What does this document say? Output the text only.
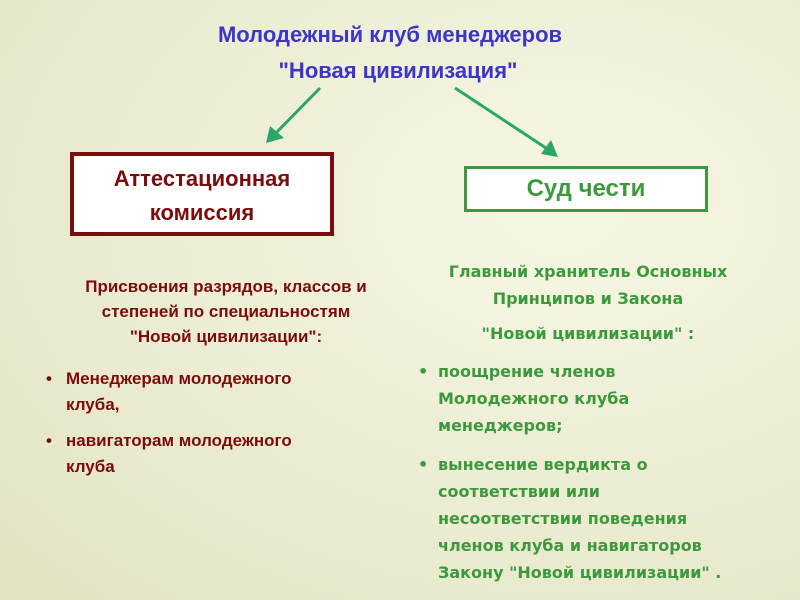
Молодежный клуб менеджеров
"Новая цивилизация"
Аттестационная
комиссия
Суд чести
Присвоения разрядов, классов и
степеней по специальностям
"Новой цивилизации":
• Менеджерам молодежного
клуба,
• навигаторам молодежного
клуба
Главный хранитель Основных
Принципов и Закона
"Новой цивилизации" :
• поощрение членов
Молодежного клуба
менеджеров;
• вынесение вердикта о
соответствии или
несоответствии поведения
членов клуба и навигаторов
Закону "Новой цивилизации" .
